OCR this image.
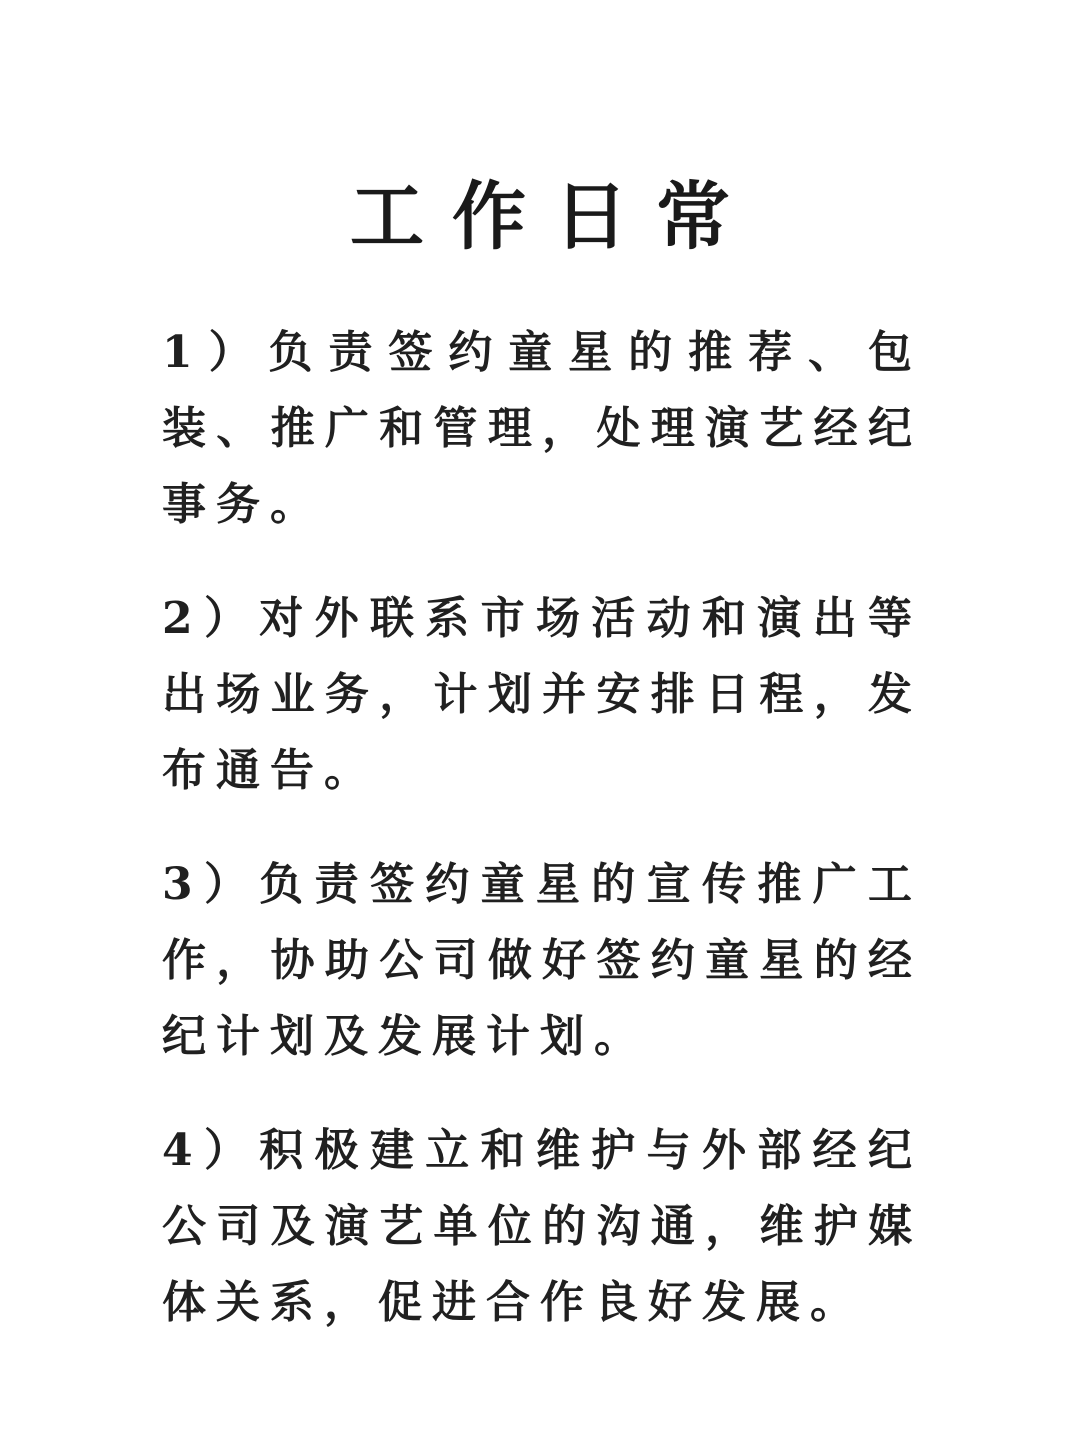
工作日常

1）负责签约童星的推荐、包装、推广和管理，处理演艺经纪事务。

2）对外联系市场活动和演出等出场业务，计划并安排日程，发布通告。

3）负责签约童星的宣传推广工作，协助公司做好签约童星的经纪计划及发展计划。

4）积极建立和维护与外部经纪公司及演艺单位的沟通，维护媒体关系，促进合作良好发展。
